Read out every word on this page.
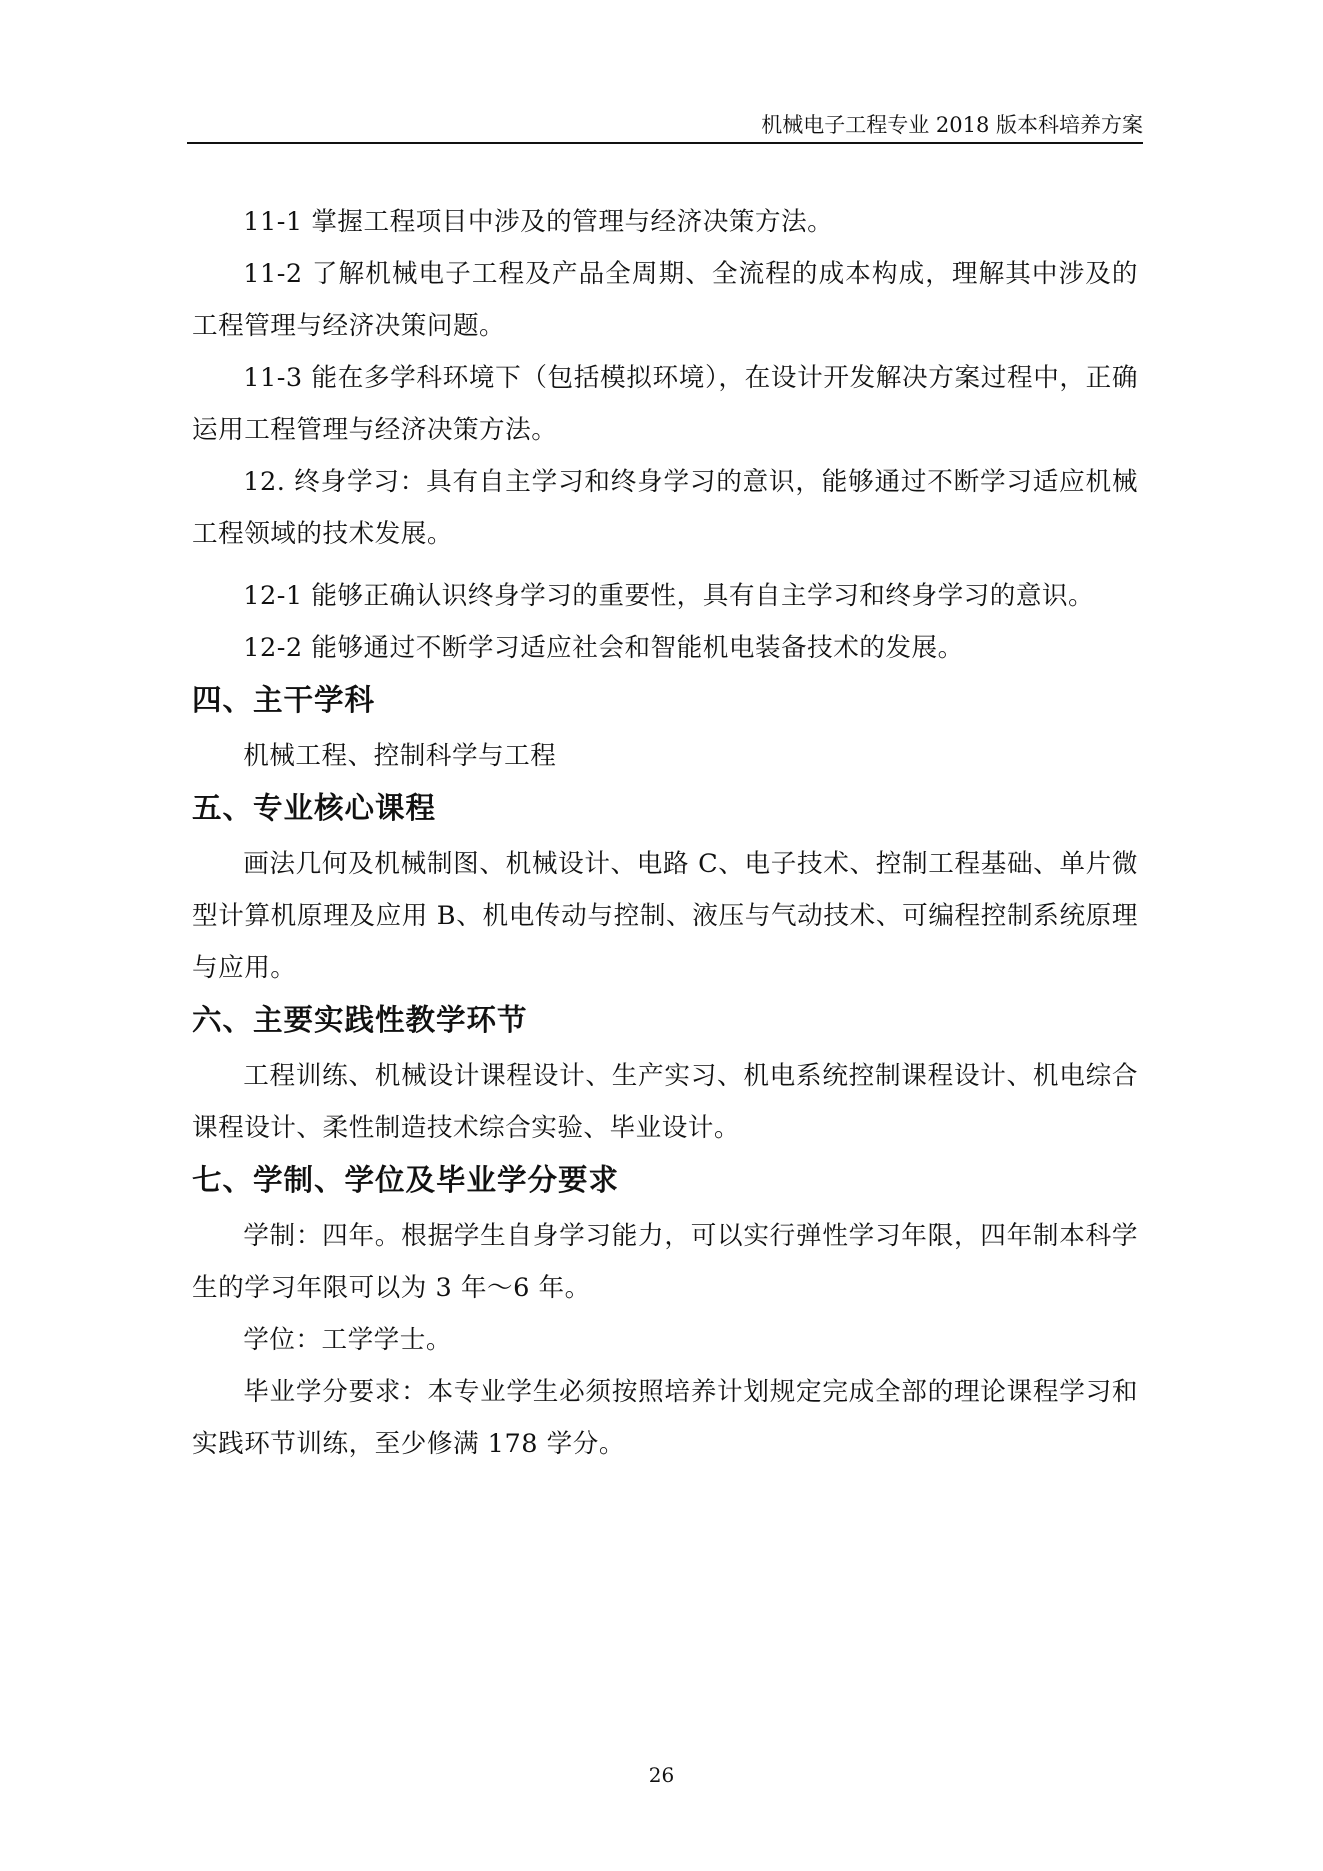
机械电子工程专业 2018 版本科培养方案

11-1 掌握工程项目中涉及的管理与经济决策方法。

11-2 了解机械电子工程及产品全周期、全流程的成本构成，理解其中涉及的工程管理与经济决策问题。

11-3 能在多学科环境下（包括模拟环境），在设计开发解决方案过程中，正确运用工程管理与经济决策方法。

12. 终身学习：具有自主学习和终身学习的意识，能够通过不断学习适应机械工程领域的技术发展。

12-1 能够正确认识终身学习的重要性，具有自主学习和终身学习的意识。

12-2 能够通过不断学习适应社会和智能机电装备技术的发展。

四、主干学科

机械工程、控制科学与工程

五、专业核心课程

画法几何及机械制图、机械设计、电路 C、电子技术、控制工程基础、单片微型计算机原理及应用 B、机电传动与控制、液压与气动技术、可编程控制系统原理与应用。

六、主要实践性教学环节

工程训练、机械设计课程设计、生产实习、机电系统控制课程设计、机电综合课程设计、柔性制造技术综合实验、毕业设计。

七、学制、学位及毕业学分要求

学制：四年。根据学生自身学习能力，可以实行弹性学习年限，四年制本科学生的学习年限可以为 3 年～6 年。

学位：工学学士。

毕业学分要求：本专业学生必须按照培养计划规定完成全部的理论课程学习和实践环节训练，至少修满 178 学分。

26
